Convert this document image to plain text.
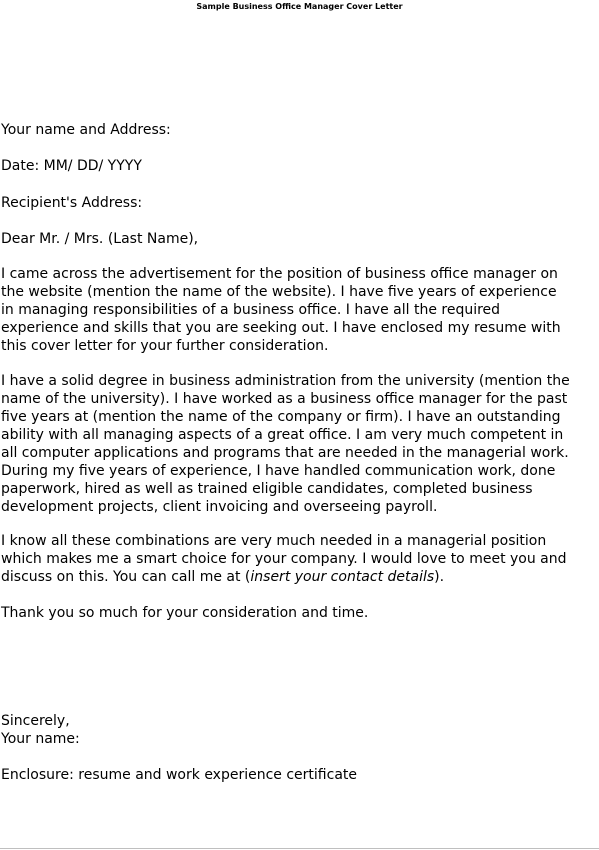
Sample Business Office Manager Cover Letter
Your name and Address:
Date: MM/ DD/ YYYY
Recipient's Address:
Dear Mr. / Mrs. (Last Name),
I came across the advertisement for the position of business office manager on
the website (mention the name of the website). I have five years of experience
in managing responsibilities of a business office. I have all the required
experience and skills that you are seeking out. I have enclosed my resume with
this cover letter for your further consideration.
I have a solid degree in business administration from the university (mention the
name of the university). I have worked as a business office manager for the past
five years at (mention the name of the company or firm). I have an outstanding
ability with all managing aspects of a great office. I am very much competent in
all computer applications and programs that are needed in the managerial work.
During my five years of experience, I have handled communication work, done
paperwork, hired as well as trained eligible candidates, completed business
development projects, client invoicing and overseeing payroll.
I know all these combinations are very much needed in a managerial position
which makes me a smart choice for your company. I would love to meet you and
discuss on this. You can call me at (insert your contact details).
Thank you so much for your consideration and time.
Sincerely,
Your name:
Enclosure: resume and work experience certificate
